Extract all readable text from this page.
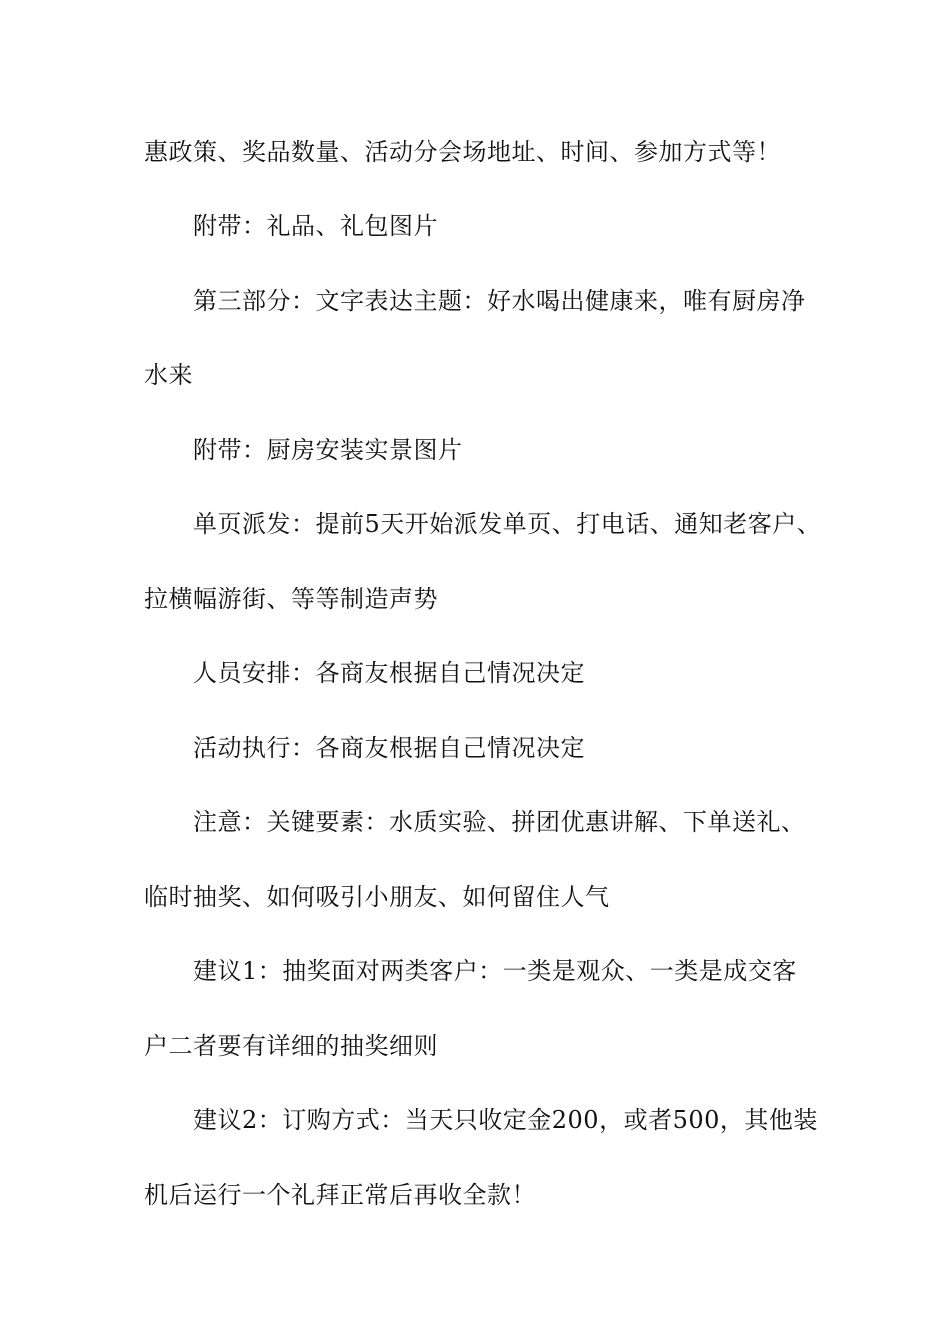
惠政策、奖品数量、活动分会场地址、时间、参加方式等！
附带：礼品、礼包图片
第三部分：文字表达主题：好水喝出健康来，唯有厨房净
水来
附带：厨房安装实景图片
单页派发：提前5天开始派发单页、打电话、通知老客户、
拉横幅游街、等等制造声势
人员安排：各商友根据自己情况决定
活动执行：各商友根据自己情况决定
注意：关键要素：水质实验、拼团优惠讲解、下单送礼、
临时抽奖、如何吸引小朋友、如何留住人气
建议1：抽奖面对两类客户：一类是观众、一类是成交客
户二者要有详细的抽奖细则
建议2：订购方式：当天只收定金200，或者500，其他装
机后运行一个礼拜正常后再收全款！
